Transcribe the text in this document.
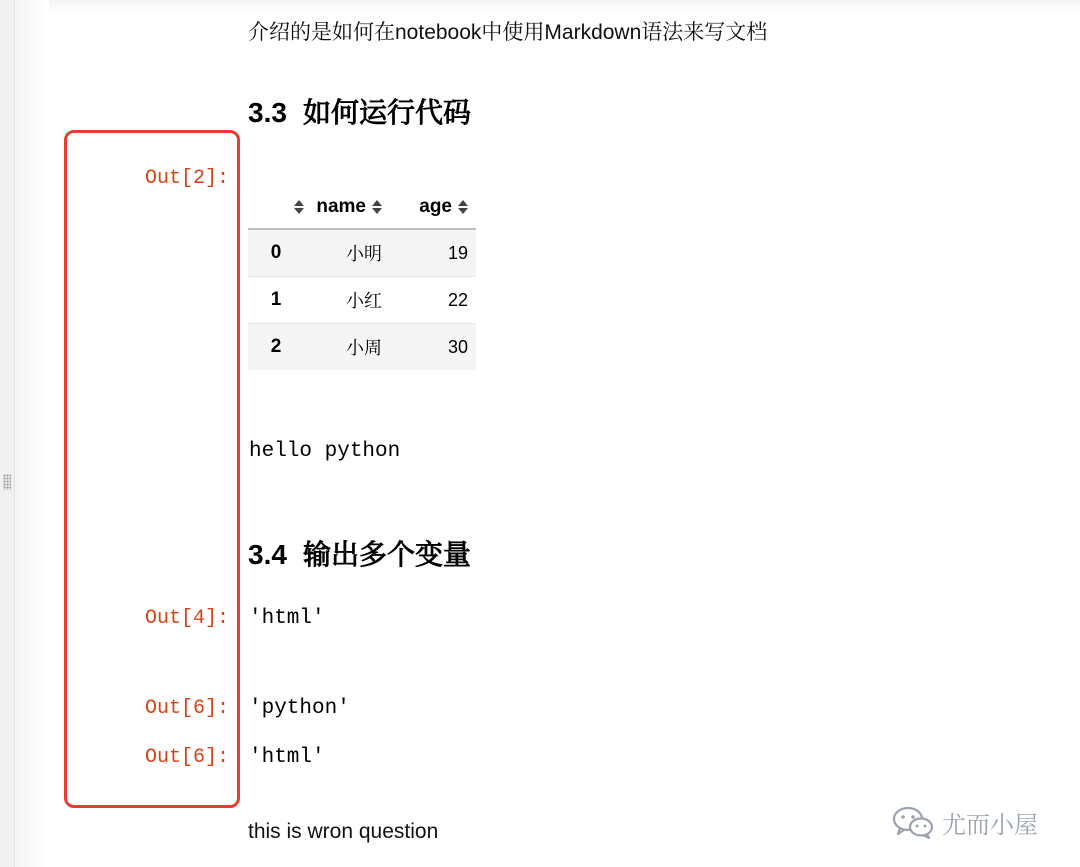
介绍的是如何在notebook中使用Markdown语法来写文档
3.3 如何运行代码
Out[2]:
	name	age
0	小明	19
1	小红	22
2	小周	30
hello python
3.4 输出多个变量
Out[4]: 'html'
Out[6]: 'python'
Out[6]: 'html'
this is wron question	尤而小屋
